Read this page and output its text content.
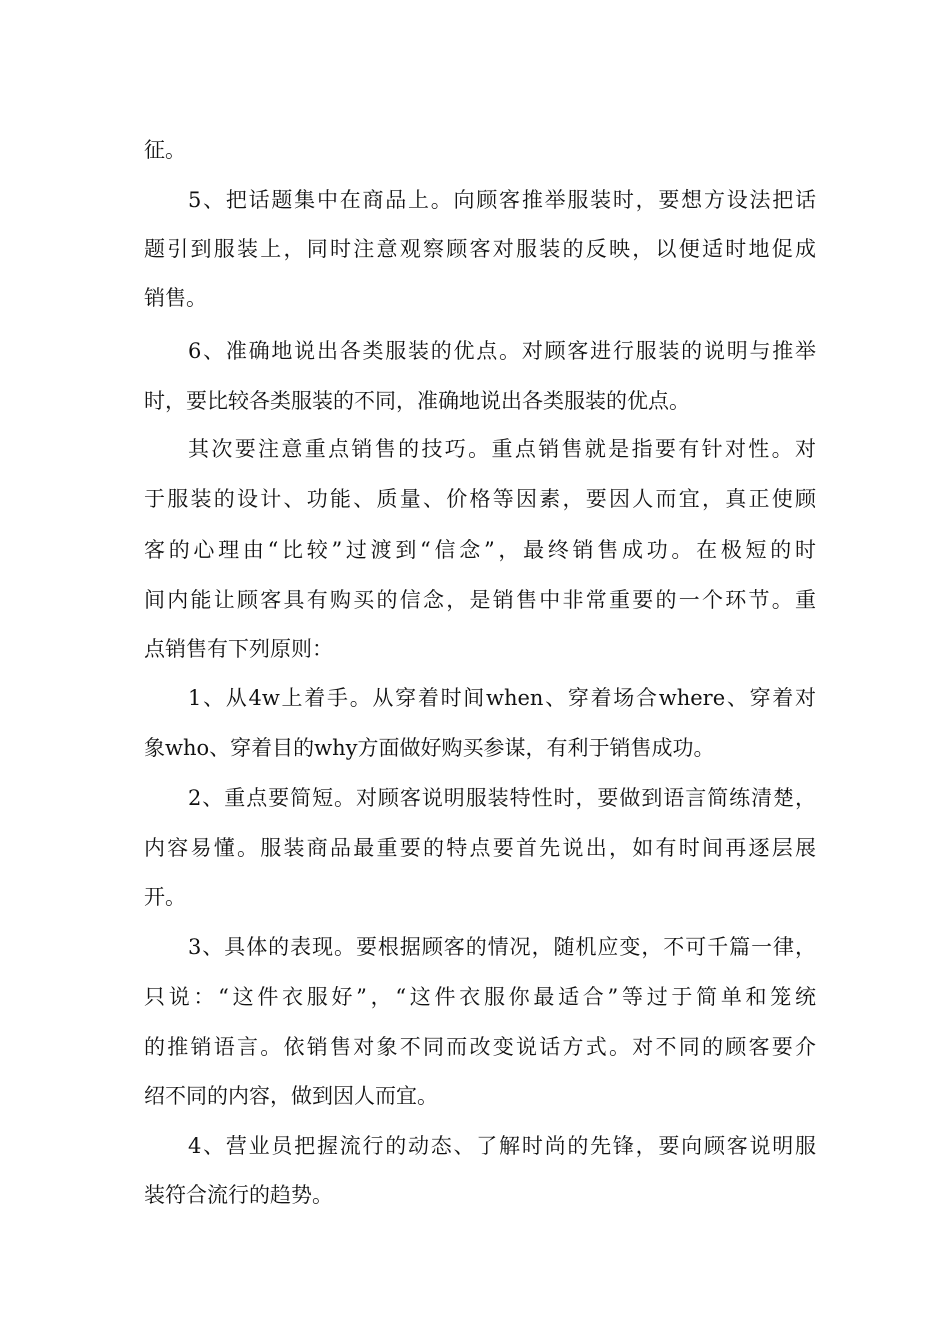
征。
5、把话题集中在商品上。向顾客推举服装时，要想方设法把话
题引到服装上，同时注意观察顾客对服装的反映，以便适时地促成
销售。
6、准确地说出各类服装的优点。对顾客进行服装的说明与推举
时，要比较各类服装的不同，准确地说出各类服装的优点。
其次要注意重点销售的技巧。重点销售就是指要有针对性。对
于服装的设计、功能、质量、价格等因素，要因人而宜，真正使顾
客的心理由“比较”过渡到“信念”，最终销售成功。在极短的时
间内能让顾客具有购买的信念，是销售中非常重要的一个环节。重
点销售有下列原则：
1、从4w上着手。从穿着时间when、穿着场合where、穿着对
象who、穿着目的why方面做好购买参谋，有利于销售成功。
2、重点要简短。对顾客说明服装特性时，要做到语言简练清楚，
内容易懂。服装商品最重要的特点要首先说出，如有时间再逐层展
开。
3、具体的表现。要根据顾客的情况，随机应变，不可千篇一律，
只说：“这件衣服好”，“这件衣服你最适合”等过于简单和笼统
的推销语言。依销售对象不同而改变说话方式。对不同的顾客要介
绍不同的内容，做到因人而宜。
4、营业员把握流行的动态、了解时尚的先锋，要向顾客说明服
装符合流行的趋势。
